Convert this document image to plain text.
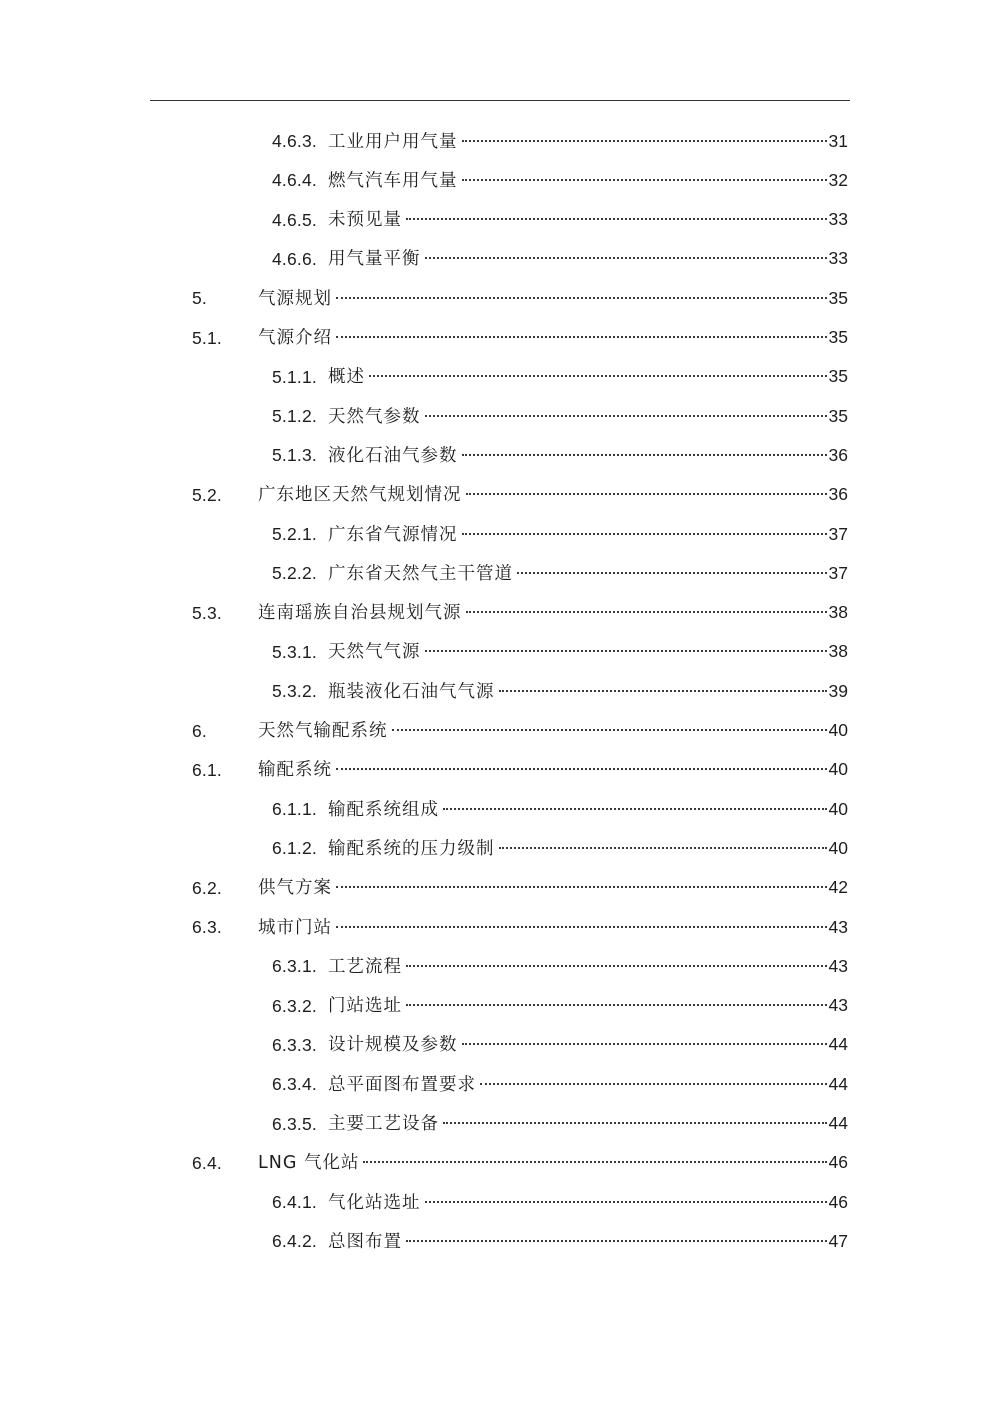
4.6.3. 工业用户用气量	31
4.6.4. 燃气汽车用气量	32
4.6.5. 未预见量	33
4.6.6. 用气量平衡	33
5.	气源规划	35
5.1. 气源介绍	35
5.1.1. 概述	35
5.1.2. 天然气参数	35
5.1.3. 液化石油气参数	36
5.2. 广东地区天然气规划情况	36
5.2.1. 广东省气源情况	37
5.2.2. 广东省天然气主干管道	37
5.3. 连南瑶族自治县规划气源	38
5.3.1. 天然气气源	38
5.3.2. 瓶装液化石油气气源	39
6.	天然气输配系统	40
6.1. 输配系统	40
6.1.1. 输配系统组成	40
6.1.2. 输配系统的压力级制	40
6.2. 供气方案	42
6.3. 城市门站	43
6.3.1. 工艺流程	43
6.3.2. 门站选址	43
6.3.3. 设计规模及参数	44
6.3.4. 总平面图布置要求	44
6.3.5. 主要工艺设备	44
6.4. LNG 气化站	46
6.4.1. 气化站选址	46
6.4.2. 总图布置	47
